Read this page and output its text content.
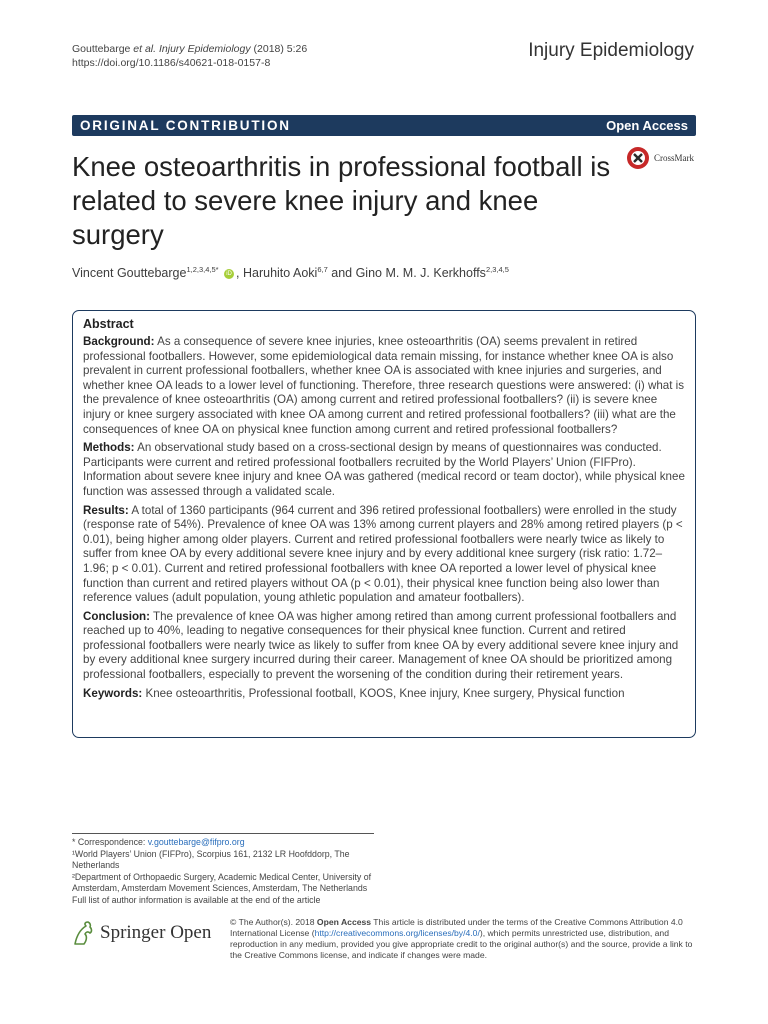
Gouttebarge et al. Injury Epidemiology (2018) 5:26
https://doi.org/10.1186/s40621-018-0157-8
Injury Epidemiology
ORIGINAL CONTRIBUTION	Open Access
Knee osteoarthritis in professional football is related to severe knee injury and knee surgery
CrossMark
Vincent Gouttebarge$^{1,2,3,4,5*}$ iD , Haruhito Aoki$^{6,7}$ and Gino M. M. J. Kerkhoffs$^{2,3,4,5}$
Abstract

Background: As a consequence of severe knee injuries, knee osteoarthritis (OA) seems prevalent in retired professional footballers. However, some epidemiological data remain missing, for instance whether knee OA is also prevalent in current professional footballers, whether knee OA is associated with knee injuries and surgeries, and whether knee OA leads to a lower level of functioning. Therefore, three research questions were answered: (i) what is the prevalence of knee osteoarthritis (OA) among current and retired professional footballers? (ii) is severe knee injury or knee surgery associated with knee OA among current and retired professional footballers? (iii) what are the consequences of knee OA on physical knee function among current and retired professional footballers?

Methods: An observational study based on a cross-sectional design by means of questionnaires was conducted. Participants were current and retired professional footballers recruited by the World Players’ Union (FIFPro). Information about severe knee injury and knee OA was gathered (medical record or team doctor), while physical knee function was assessed through a validated scale.

Results: A total of 1360 participants (964 current and 396 retired professional footballers) were enrolled in the study (response rate of 54%). Prevalence of knee OA was 13% among current players and 28% among retired players (p < 0.01), being higher among older players. Current and retired professional footballers were nearly twice as likely to suffer from knee OA by every additional severe knee injury and by every additional knee surgery (risk ratio: 1.72–1.96; p < 0.01). Current and retired professional footballers with knee OA reported a lower level of physical knee function than current and retired players without OA (p < 0.01), their physical knee function being also lower than reference values (adult population, young athletic population and amateur footballers).

Conclusion: The prevalence of knee OA was higher among retired than among current professional footballers and reached up to 40%, leading to negative consequences for their physical knee function. Current and retired professional footballers were nearly twice as likely to suffer from knee OA by every additional severe knee injury and by every additional knee surgery incurred during their career. Management of knee OA should be prioritized among professional footballers, especially to prevent the worsening of the condition during their retirement years.

Keywords: Knee osteoarthritis, Professional football, KOOS, Knee injury, Knee surgery, Physical function

* Correspondence: v.gouttebarge@fifpro.org

¹World Players’ Union (FIFPro), Scorpius 161, 2132 LR Hoofddorp, The Netherlands

²Department of Orthopaedic Surgery, Academic Medical Center, University of Amsterdam, Amsterdam Movement Sciences, Amsterdam, The Netherlands

Full list of author information is available at the end of the article

Springer Open © The Author(s). 2018 Open Access This article is distributed under the terms of the Creative Commons Attribution 4.0 International License (http://creativecommons.org/licenses/by/4.0/), which permits unrestricted use, distribution, and reproduction in any medium, provided you give appropriate credit to the original author(s) and the source, provide a link to the Creative Commons license, and indicate if changes were made.
